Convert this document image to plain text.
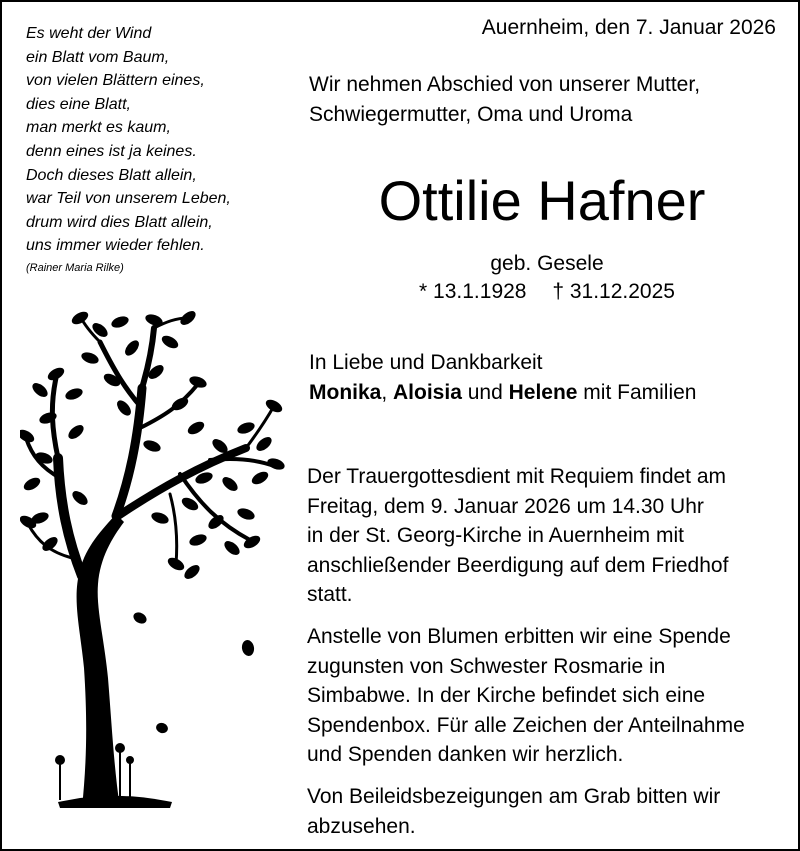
Es weht der Wind
ein Blatt vom Baum,
von vielen Blättern eines,
dies eine Blatt,
man merkt es kaum,
denn eines ist ja keines.
Doch dieses Blatt allein,
war Teil von unserem Leben,
drum wird dies Blatt allein,
uns immer wieder fehlen.
(Rainer Maria Rilke)
Auernheim, den 7. Januar 2026
Wir nehmen Abschied von unserer Mutter,
Schwiegermutter, Oma und Uroma
Ottilie Hafner
geb. Gesele
* 13.1.1928 † 31.12.2025
In Liebe und Dankbarkeit
Monika, Aloisia und Helene mit Familien
Der Trauergottesdient mit Requiem findet am
Freitag, dem 9. Januar 2026 um 14.30 Uhr
in der St. Georg-Kirche in Auernheim mit
anschließender Beerdigung auf dem Friedhof
statt.
Anstelle von Blumen erbitten wir eine Spende
zugunsten von Schwester Rosmarie in
Simbabwe. In der Kirche befindet sich eine
Spendenbox. Für alle Zeichen der Anteilnahme
und Spenden danken wir herzlich.
Von Beileidsbezeigungen am Grab bitten wir
abzusehen.
